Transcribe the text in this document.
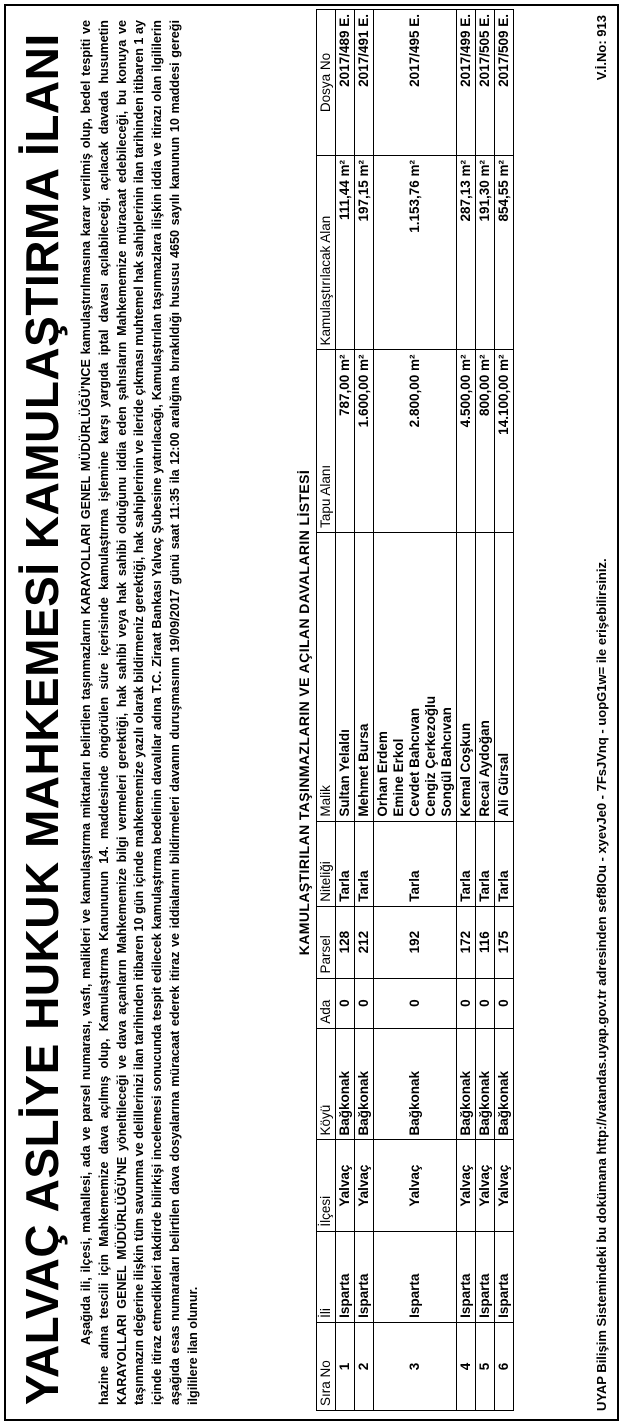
YALVAÇ ASLİYE HUKUK MAHKEMESİ KAMULAŞTIRMA İLANI Aşağıda ili, ilçesi, mahallesi, ada ve parsel numarası, vasfı, malikleri ve kamulaştırma miktarları belirtilen taşınmazların KARAYOLLARI GENEL MÜDÜRLÜĞÜ'NCE kamulaştırılmasına karar verilmiş olup, bedel tespiti ve hazine adına tescili için Mahkememize dava açılmış olup, Kamulaştırma Kanununun 14. maddesinde öngörülen süre içerisinde kamulaştırma işlemine karşı yargıda iptal davası açılabileceği, açılacak davada husumetin KARAYOLLARI GENEL MÜDÜRLÜĞÜ'NE yöneltileceği ve dava açanların Mahkememize bilgi vermeleri gerektiği, hak sahibi veya hak sahibi olduğunu iddia eden şahısların Mahkememize müracaat edebileceği, bu konuya ve taşınmazın değerine ilişkin tüm savunma ve delillerinizi ilan tarihinden itibaren 10 gün içinde mahkememize yazılı olarak bildirmeniz gerektiği, hak sahiplerinin ve ileride çıkması muhtemel hak sahiplerinin ilan tarihinden itibaren 1 ay içinde itiraz etmedikleri takdirde bilirkişi incelemesi sonucunda tespit edilecek kamulaştırma bedelinin davalılar adına T.C. Ziraat Bankası Yalvaç Şubesine yatırılacağı, Kamulaştırılan taşınmazlara ilişkin iddia ve itirazı olan ilgililerin aşağıda esas numaraları belirtilen dava dosyalarına müracaat ederek itiraz ve iddialarını bildirmeleri davanın duruşmasının 19/09/2017 günü saat 11:35 ila 12:00 aralığına bırakıldığı hususu 4650 sayılı kanunun 10 maddesi gereği ilgililere ilan olunur.

KAMULAŞTIRILAN TAŞINMAZLARIN VE AÇILAN DAVALARIN LİSTESİ
Sıra No	İli	İlçesi	Köyü	Ada	Parsel	Niteliği	Malik	Tapu Alanı	Kamulaştırılacak Alan	Dosya No
1	Isparta	Yalvaç	Bağkonak	0	128	Tarla	Sultan Yelaldı	787,00 m²	111,44 m²	2017/489 E.
2	Isparta	Yalvaç	Bağkonak	0	212	Tarla	Mehmet Bursa	1.600,00 m²	197,15 m²	2017/491 E.
3	Isparta	Yalvaç	Bağkonak	0	192	Tarla	Orhan Erdem Emine Erkol Cevdet Bahcıvan Cengiz Çerkezoğlu Songül Bahcıvan	2.800,00 m²	1.153,76 m²	2017/495 E.
4	Isparta	Yalvaç	Bağkonak	0	172	Tarla	Kemal Coşkun	4.500,00 m²	287,13 m²	2017/499 E.
5	Isparta	Yalvaç	Bağkonak	0	116	Tarla	Recai Aydoğan	800,00 m²	191,30 m²	2017/505 E.
6	Isparta	Yalvaç	Bağkonak	0	175	Tarla	Ali Gürsal	14.100,00 m²	854,55 m²	2017/509 E.
UYAP Bilişim Sistemindeki bu dokümana http://vatandas.uyap.gov.tr adresinden sef8lOu - xyevJe0 - 7FsJVnq - uopG1w= ile erişebilirsiniz.
V.İ.No: 913
